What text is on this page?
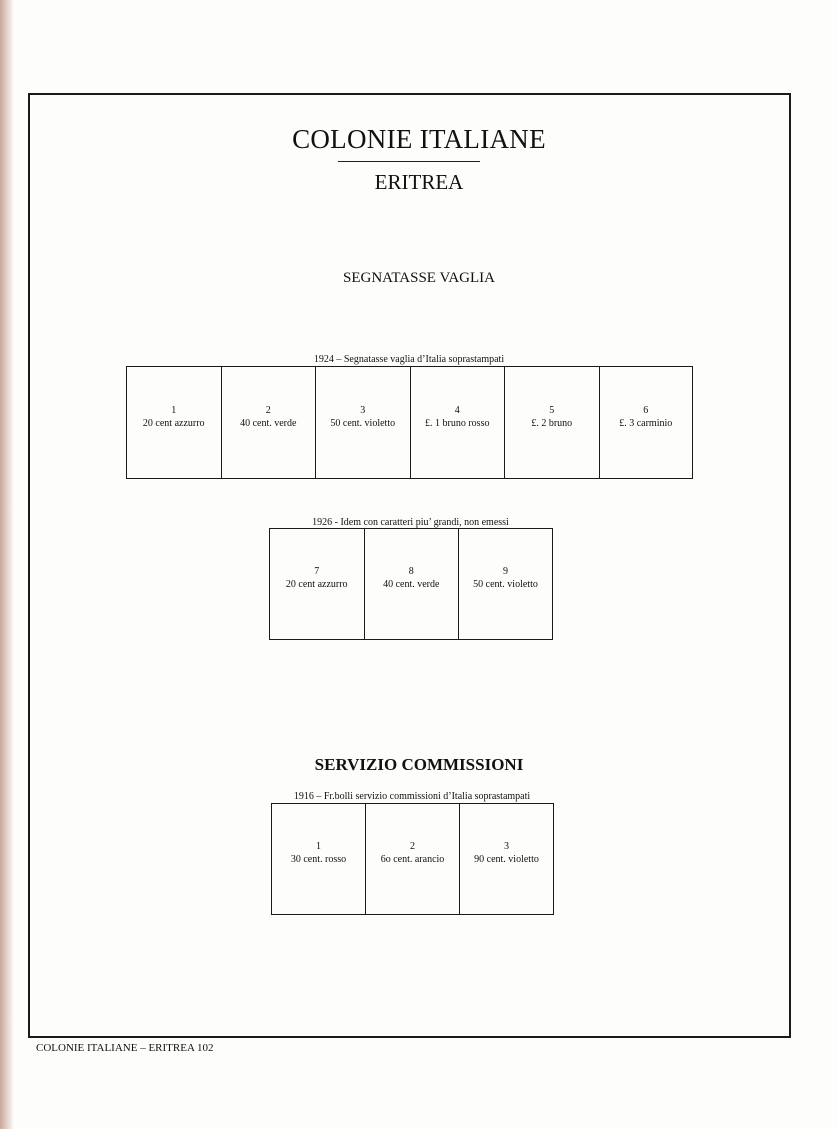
COLONIE ITALIANE
ERITREA
SEGNATASSE VAGLIA
1924 – Segnatasse vaglia d’Italia soprastampati
1
20 cent azzurro
2
40 cent. verde
3
50 cent. violetto
4
£. 1 bruno rosso
5
£. 2 bruno
6
£. 3 carminio
1926 - Idem con caratteri piu’ grandi, non emessi
7
20 cent azzurro
8
40 cent. verde
9
50 cent. violetto
SERVIZIO COMMISSIONI
1916 – Fr.bolli servizio commissioni d’Italia soprastampati
1
30 cent. rosso
2
6o cent. arancio
3
90 cent. violetto
COLONIE ITALIANE – ERITREA 102
